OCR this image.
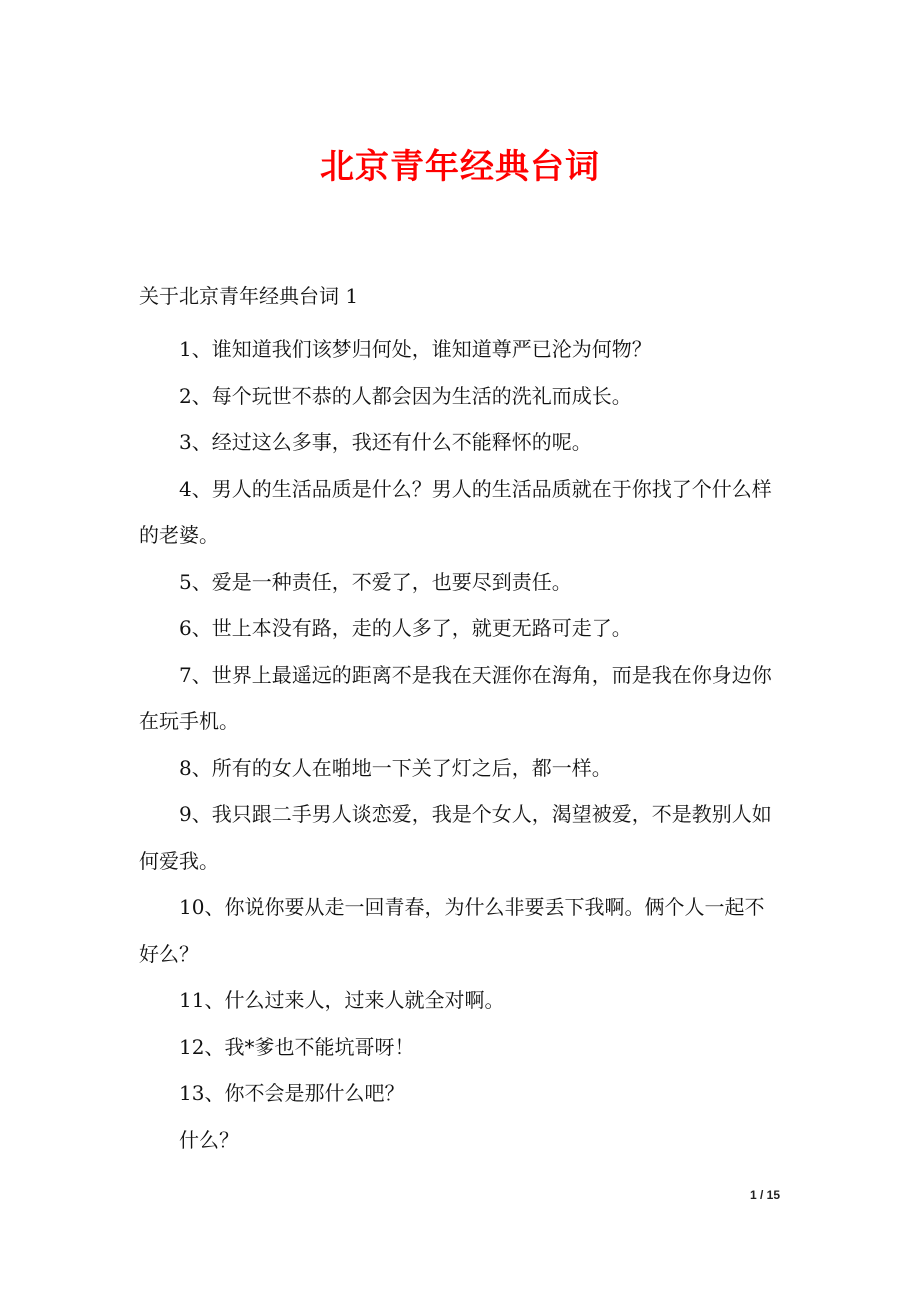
北京青年经典台词

关于北京青年经典台词 1

1、谁知道我们该梦归何处，谁知道尊严已沦为何物？

2、每个玩世不恭的人都会因为生活的洗礼而成长。

3、经过这么多事，我还有什么不能释怀的呢。

4、男人的生活品质是什么？男人的生活品质就在于你找了个什么样的老婆。

5、爱是一种责任，不爱了，也要尽到责任。

6、世上本没有路，走的人多了，就更无路可走了。

7、世界上最遥远的距离不是我在天涯你在海角，而是我在你身边你在玩手机。

8、所有的女人在啪地一下关了灯之后，都一样。

9、我只跟二手男人谈恋爱，我是个女人，渴望被爱，不是教别人如何爱我。

10、你说你要从走一回青春，为什么非要丢下我啊。俩个人一起不好么？

11、什么过来人，过来人就全对啊。

12、我*爹也不能坑哥呀！

13、你不会是那什么吧？

什么？

1 / 15
